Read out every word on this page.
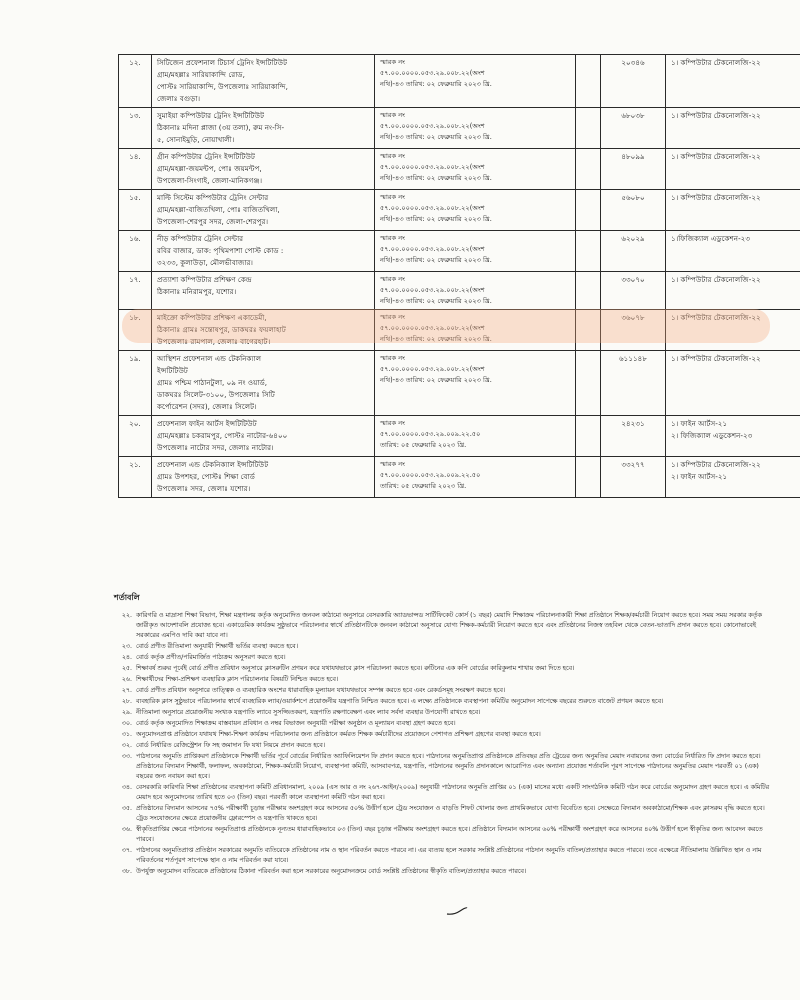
১২.	সিটিজেন প্রফেশনাল টিচার্স ট্রেনিং ইন্সটিটিউট
গ্রাম/মহল্লাঃ সারিয়াকান্দি রোড,
পোস্টঃ সারিয়াকান্দি, উপজেলাঃ সারিয়াকান্দি,
জেলাঃ বগুড়া।	স্মারক নং
৫৭.০০.০০০০.০৫৩.২৯.০০৮.২২(অংশ
নথি)-৪৩ তারিখ: ০২ ফেব্রুয়ারি ২০২৩ খ্রি.		২০৩৪৬	১। কম্পিউটার টেকনোলজি-২২

১৩.	সুমাইয়া কম্পিউটার ট্রেনিং ইন্সটিটিউট
ঠিকানাঃ মদিনা প্লাজা (৩য় তলা), রুম নং-সি-
৫, সোনাইমুড়ি, নোয়াখালী।	স্মারক নং
৫৭.০০.০০০০.০৫৩.২৯.০০৮.২২(অংশ
নথি)-৪৩ তারিখ: ০২ ফেব্রুয়ারি ২০২৩ খ্রি.		৬৮০৩৮	১। কম্পিউটার টেকনোলজি-২২

১৪.	গ্রীন কম্পিউটার ট্রেনিং ইন্সটিটিউট
গ্রাম/মহল্লা-জয়মন্টপ, পোঃ জয়মন্টপ,
উপজেলা-সিংগাই, জেলা-মানিকগঞ্জ।	স্মারক নং
৫৭.০০.০০০০.০৫৩.২৯.০০৮.২২(অংশ
নথি)-৪৩ তারিখ: ০২ ফেব্রুয়ারি ২০২৩ খ্রি.		৪৮০৯৯	১। কম্পিউটার টেকনোলজি-২২

১৫.	মাল্টি সিস্টেম কম্পিউটার ট্রেনিং সেন্টার
গ্রাম/মহল্লা-বাজিতখিলা, পোঃ বাজিতখিলা,
উপজেলা-শেরপুর সদর, জেলা-শেরপুর।	স্মারক নং
৫৭.০০.০০০০.০৫৩.২৯.০০৮.২২(অংশ
নথি)-৪৩ তারিখ: ০২ ফেব্রুয়ারি ২০২৩ খ্রি.		৫৬০৮০	১। কম্পিউটার টেকনোলজি-২২

১৬.	নীড় কম্পিউটার ট্রেনিং সেন্টার
রবির বাজার, ডাক: পৃথিমপাশা পোস্ট কোড :
৩২৩৩, কুলাউড়া, মৌলভীবাজার।	স্মারক নং
৫৭.০০.০০০০.০৫৩.২৯.০০৮.২২(অংশ
নথি)-৪৩ তারিখ: ০২ ফেব্রুয়ারি ২০২৩ খ্রি.		৬২০২৯	১।ফিজিক্যাল এডুকেশন-২৩

১৭.	প্রত্যাশা কম্পিউটার প্রশিক্ষণ কেন্দ্র
ঠিকানাঃ মনিরামপুর, যশোর।	স্মারক নং
৫৭.০০.০০০০.০৫৩.২৯.০০৮.২২(অংশ
নথি)-৪৩ তারিখ: ০২ ফেব্রুয়ারি ২০২৩ খ্রি.		৩৩০৭০	১। কম্পিউটার টেকনোলজি-২২

১৮.	মাইক্রো কম্পিউটার প্রশিক্ষণ একাডেমী,
ঠিকানাঃ গ্রামঃ সন্তোষপুর, ডাকঘরঃ ফয়লাহাট
উপজেলাঃ রামপাল, জেলাঃ বাগেরহাট।	স্মারক নং
৫৭.০০.০০০০.০৫৩.২৯.০০৮.২২(অংশ
নথি)-৪৩ তারিখ: ০২ ফেব্রুয়ারি ২০২৩ খ্রি.		৩৬০৭৮	১। কম্পিউটার টেকনোলজি-২২

১৯.	আস্থিশন প্রফেশনাল এন্ড টেকনিক্যাল
ইন্সটিটিউট
গ্রামঃ পশ্চিম পাঠানটুলা, ০৯ নং ওয়ার্ড,
ডাকঘরঃ সিলেট-৩১০০, উপজেলাঃ সিটি
কর্পোরেশন (সদর), জেলাঃ সিলেট।	স্মারক নং
৫৭.০০.০০০০.০৫৩.২৯.০০৮.২২(অংশ
নথি)-৪৩ তারিখ: ০২ ফেব্রুয়ারি ২০২৩ খ্রি.		৬১১১৪৮	১। কম্পিউটার টেকনোলজি-২২

২০.	প্রফেশনাল ফাইন আর্টস ইন্সটিটিউট
গ্রাম/মহল্লাঃ চকরামপুর, পোস্টঃ নাটোর-৬৪০০
উপজেলাঃ নাটোর সদর, জেলাঃ নাটোর।	স্মারক নং
৫৭.০০.০০০০.০৫৩.২৯.০০৯.২২.৫০
তারিখ: ০৫ ফেব্রুয়ারি ২০২৩ খ্রি.		২৪২৩১	১। ফাইন আর্টস-২১
২। ফিজিক্যাল এডুকেশন-২৩

২১.	প্রফেশনাল এন্ড টেকনিক্যাল ইন্সটিটিউট
গ্রামঃ উপশহর, পোস্টঃ শিক্ষা বোর্ড
উপজেলাঃ সদর, জেলাঃ যশোর।	স্মারক নং
৫৭.০০.০০০০.০৫৩.২৯.০০৯.২২.৫০
তারিখ: ০৫ ফেব্রুয়ারি ২০২৩ খ্রি.		৩৩২৭৭	১। কম্পিউটার টেকনোলজি-২২
২। ফাইন আর্টস-২১
শর্তাবলি
২২. কারিগরি ও মাদ্রাসা শিক্ষা বিভাগ, শিক্ষা মন্ত্রণালয় কর্তৃক অনুমোদিত জনবল কাঠামো অনুসারে বেসরকারি অ্যাডভান্সড সার্টিফিকেট কোর্স (১ বছর) মেয়াদি শিক্ষাক্রম পরিচালনাকারী শিক্ষা প্রতিষ্ঠানে শিক্ষক/কর্মচারী নিয়োগ করতে হবে। সময় সময় সরকার কর্তৃক জারীকৃত আদেশাবলি প্রযোজ্য হবে। একাডেমিক কার্যক্রম সুষ্ঠুভাবে পরিচালনার স্বার্থে প্রতিষ্ঠানটিকে জনবল কাঠামো অনুসারে যোগ্য শিক্ষক-কর্মচারী নিয়োগ করতে হবে এবং প্রতিষ্ঠানের নিজস্ব তহবিল থেকে বেতন-ভাতাদি প্রদান করতে হবে। কোনোভাবেই সরকারের এমপিও দাবি করা যাবে না।
২৩. বোর্ড প্রণীত রীতিমালা অনুযায়ী শিক্ষার্থী ভর্তির ব্যবস্থা করতে হবে।
২৪. বোর্ড কর্তৃক প্রণীত/পরিমার্জিত পাঠ্যক্রম অনুসরণ করতে হবে।
২৫. শিক্ষাবর্ষ শুরুর পূর্বেই বোর্ড প্রণীত প্রবিধান অনুসারে ক্লাসরুটিন প্রণয়ন করে যথাযথভাবে ক্লাস পরিচালনা করতে হবে। রুটিনের এক কপি বোর্ডের কারিকুলাম শাখায় জমা দিতে হবে।
২৬. শিক্ষার্থীদের শিক্ষা-প্রশিক্ষণ ব্যবহারিক ক্লাস পরিচালনার বিষয়টি নিশ্চিত করতে হবে।
২৭. বোর্ড প্রণীত প্রবিধান অনুসারে তাত্ত্বিক ও ব্যবহারিক অংশের ধারাবাহিক মূল্যায়ন যথাযথভাবে সম্পন্ন করতে হবে এবং রেকর্ডসমূহ সংরক্ষণ করতে হবে।
২৮. ব্যবহারিক ক্লাস সুষ্ঠুভাবে পরিচালনার স্বার্থে ব্যবহারিক ল্যাব/ওয়ার্কশপে প্রয়োজনীয় যন্ত্রপাতি নিশ্চিত করতে হবে। এ লক্ষ্যে প্রতিষ্ঠানকে ব্যবস্থাপনা কমিটির অনুমোদন সাপেক্ষে বছরের শুরুতে বাজেট প্রণয়ন করতে হবে।
২৯. নীতিমালা অনুসারে প্রয়োজনীয় সংখ্যক যন্ত্রপাতি ল্যাবে সুসজ্জিতকরণ, যন্ত্রপাতি রক্ষণাবেক্ষণ এবং ল্যাব সর্বদা ব্যবহার উপযোগী রাখতে হবে।
৩০. বোর্ড কর্তৃক অনুমোদিত শিক্ষাক্রম বাস্তবায়ন প্রবিধান ও নম্বর বিভাজন অনুযায়ী পরীক্ষা অনুষ্ঠান ও মূল্যায়ন ব্যবস্থা গ্রহণ করতে হবে।
৩১. অনুমোদনপ্রাপ্ত প্রতিষ্ঠানে যথাযথ শিক্ষা-শিক্ষণ কার্যক্রম পরিচালনার জন্য প্রতিষ্ঠানে কর্মরত শিক্ষক কর্মচারীদের প্রয়োজনে পেশাগত প্রশিক্ষণ গ্রহণের ব্যবস্থা করতে হবে।
৩২. বোর্ড নির্ধারিত রেজিস্ট্রেশন ফি সহ জমাদান ফি যথা নিয়মে প্রদান করতে হবে।
৩৩. পাঠদানের অনুমতি প্রাপ্তিকরণ প্রতিষ্ঠানকে শিক্ষার্থী ভর্তির পূর্বে বোর্ডের নির্ধারিত অ্যাফিলিয়েশন ফি প্রদান করতে হবে। পাঠদানের অনুমতিপ্রাপ্ত প্রতিষ্ঠানকে প্রতিবছর প্রতি ট্রেডের জন্য অনুমতির মেয়াদ নবায়নের জন্য বোর্ডের নির্ধারিত ফি প্রদান করতে হবে। প্রতিষ্ঠানের বিদ্যমান শিক্ষার্থী, ফলাফল, অবকাঠামো, শিক্ষক-কর্মচারী নিয়োগ, ব্যবস্থাপনা কমিটি, আসবাবপত্র, যন্ত্রপাতি, পাঠদানের অনুমতি প্রদানকালে আরোপিত এবং অন্যান্য প্রযোজ্য শর্তাবলি পূরণ সাপেক্ষে পাঠদানের অনুমতির মেয়াদ পরবর্তী ০১ (এক) বছরের জন্য নবায়ন করা হবে।
৩৪. বেসরকারি কারিগরি শিক্ষা প্রতিষ্ঠানের ব্যবস্থাপনা কমিটি প্রবিধানমালা, ২০০৯ (এস আর ও নং ২৬৭-আইন/২০০৯) অনুযায়ী পাঠদানের অনুমতি প্রাপ্তির ০১ (এক) মাসের মধ্যে একটি সাংগঠনিক কমিটি গঠন করে বোর্ডের অনুমোদন গ্রহণ করতে হবে। এ কমিটির মেয়াদ হবে অনুমোদনের তারিখ হতে ০৩ (তিন) বছর। পরবর্তী কালে ব্যবস্থাপনা কমিটি গঠন করা হবে।
৩৫. প্রতিষ্ঠানের বিদ্যমান আসনের ৭৫% পরীক্ষার্থী চূড়ান্ত পরীক্ষায় অংশগ্রহণ করে আসনের ৫০% উত্তীর্ণ হলে ট্রেড সংযোজন ও বাড়তি শিফট খোলার জন্য প্রাথমিকভাবে যোগ্য বিবেচিত হবে। সেক্ষেত্রে বিদ্যমান অবকাঠামো/শিক্ষক এবং ক্লাসরুম বৃদ্ধি করতে হবে। ট্রেড সংযোজনের ক্ষেত্রে প্রয়োজনীয় ফ্লোরস্পেস ও যন্ত্রপাতি থাকতে হবে।
৩৬. স্বীকৃতিপ্রাপ্তির ক্ষেত্রে পাঠদানের অনুমতিপ্রাপ্ত প্রতিষ্ঠানকে নূন্যতম ধারাবাহিকভাবে ০৩ (তিন) বছর চূড়ান্ত পরীক্ষায় অংশগ্রহণ করতে হবে। প্রতিষ্ঠানে বিদ্যমান আসনের ৬০% পরীক্ষার্থী অংশগ্রহণ করে আসনের ৪০% উত্তীর্ণ হলে স্বীকৃতির জন্য আবেদন করতে পারবে।
৩৭. পাঠদানের অনুমতিপ্রাপ্ত প্রতিষ্ঠান সরকারের অনুমতি ব্যতিরেকে প্রতিষ্ঠানের নাম ও স্থান পরিবর্তন করতে পারবে না। এর ব্যত্যয় হলে সরকার সংশ্লিষ্ট প্রতিষ্ঠানের পাঠদান অনুমতি বাতিল/প্রত্যাহার করতে পারবে। তবে এক্ষেত্রে নীতিমালায় উল্লিখিত স্থান ও নাম পরিবর্তনের শর্তপূরণ সাপেক্ষে স্থান ও নাম পরিবর্তন করা যাবে।
৩৮. উপর্যুক্ত অনুমোদন ব্যতিরেকে প্রতিষ্ঠানের ঠিকানা পরিবর্তন করা হলে সরকারের অনুমোদনক্রমে বোর্ড সংশ্লিষ্ট প্রতিষ্ঠানের স্বীকৃতি বাতিল/প্রত্যাহার করতে পারবে।
